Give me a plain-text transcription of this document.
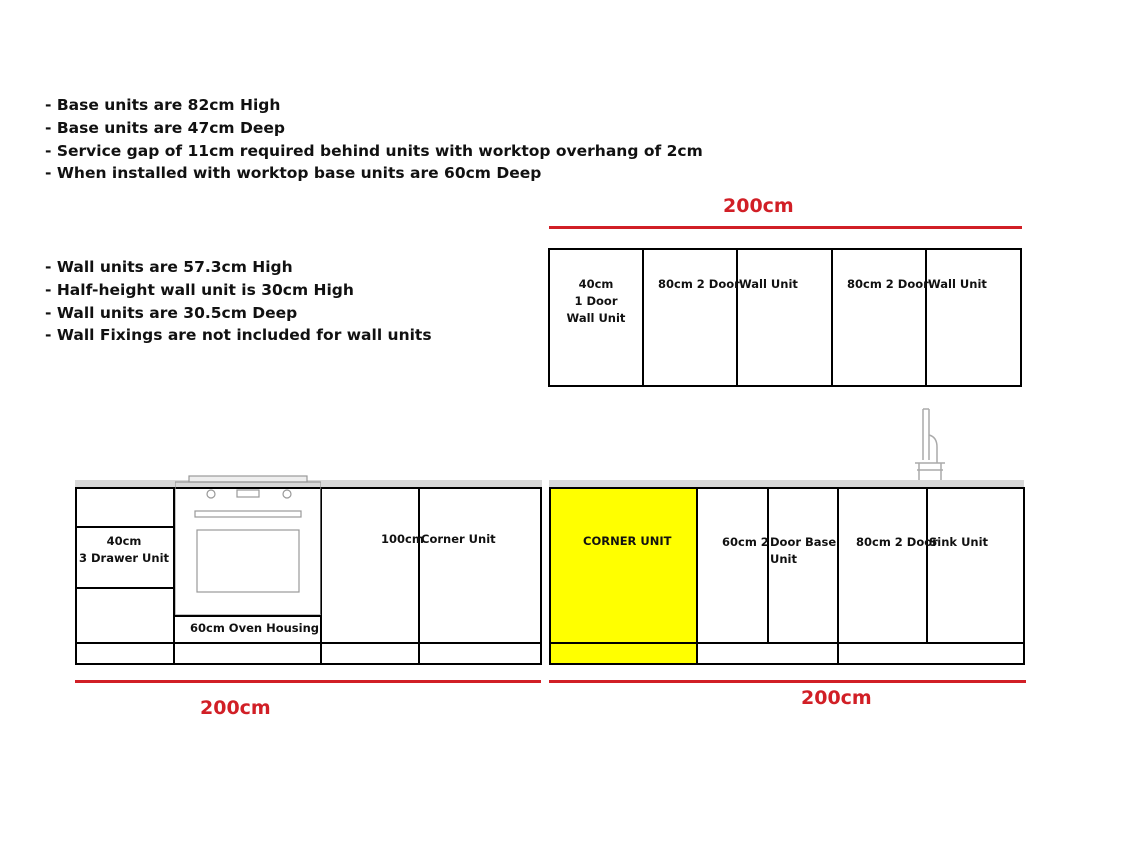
- Base units are 82cm High
- Base units are 47cm Deep
- Service gap of 11cm required behind units with worktop overhang of 2cm
- When installed with worktop base units are 60cm Deep
- Wall units are 57.3cm High
- Half-height wall unit is 30cm High
- Wall units are 30.5cm Deep
- Wall Fixings are not included for wall units
200cm
40cm
1 Door
Wall Unit
80cm 2 Door Wall Unit	80cm 2 Door Wall Unit
40cm
3 Drawer Unit
60cm Oven Housing
100cm
Corner Unit
200cm
CORNER UNIT	60cm 2 Door Base
Unit
80cm 2 Door
Sink Unit
200cm
